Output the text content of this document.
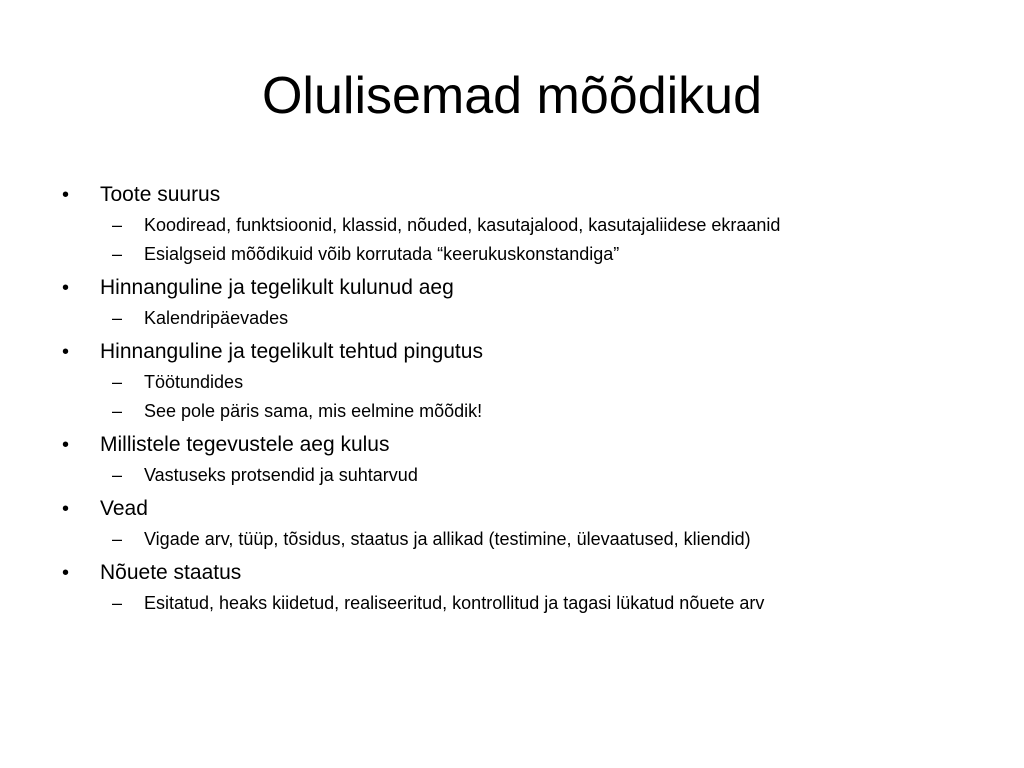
Olulisemad mõõdikud
•	Toote suurus
–	Koodiread, funktsioonid, klassid, nõuded, kasutajalood, kasutajaliidese ekraanid
–	Esialgseid mõõdikuid võib korrutada “keerukuskonstandiga”
•	Hinnanguline ja tegelikult kulunud aeg
–	Kalendripäevades
•	Hinnanguline ja tegelikult tehtud pingutus
–	Töötundides
–	See pole päris sama, mis eelmine mõõdik!
•	Millistele tegevustele aeg kulus
–	Vastuseks protsendid ja suhtarvud
•	Vead
–	Vigade arv, tüüp, tõsidus, staatus ja allikad (testimine, ülevaatused, kliendid)
•	Nõuete staatus
–	Esitatud, heaks kiidetud, realiseeritud, kontrollitud ja tagasi lükatud nõuete arv
